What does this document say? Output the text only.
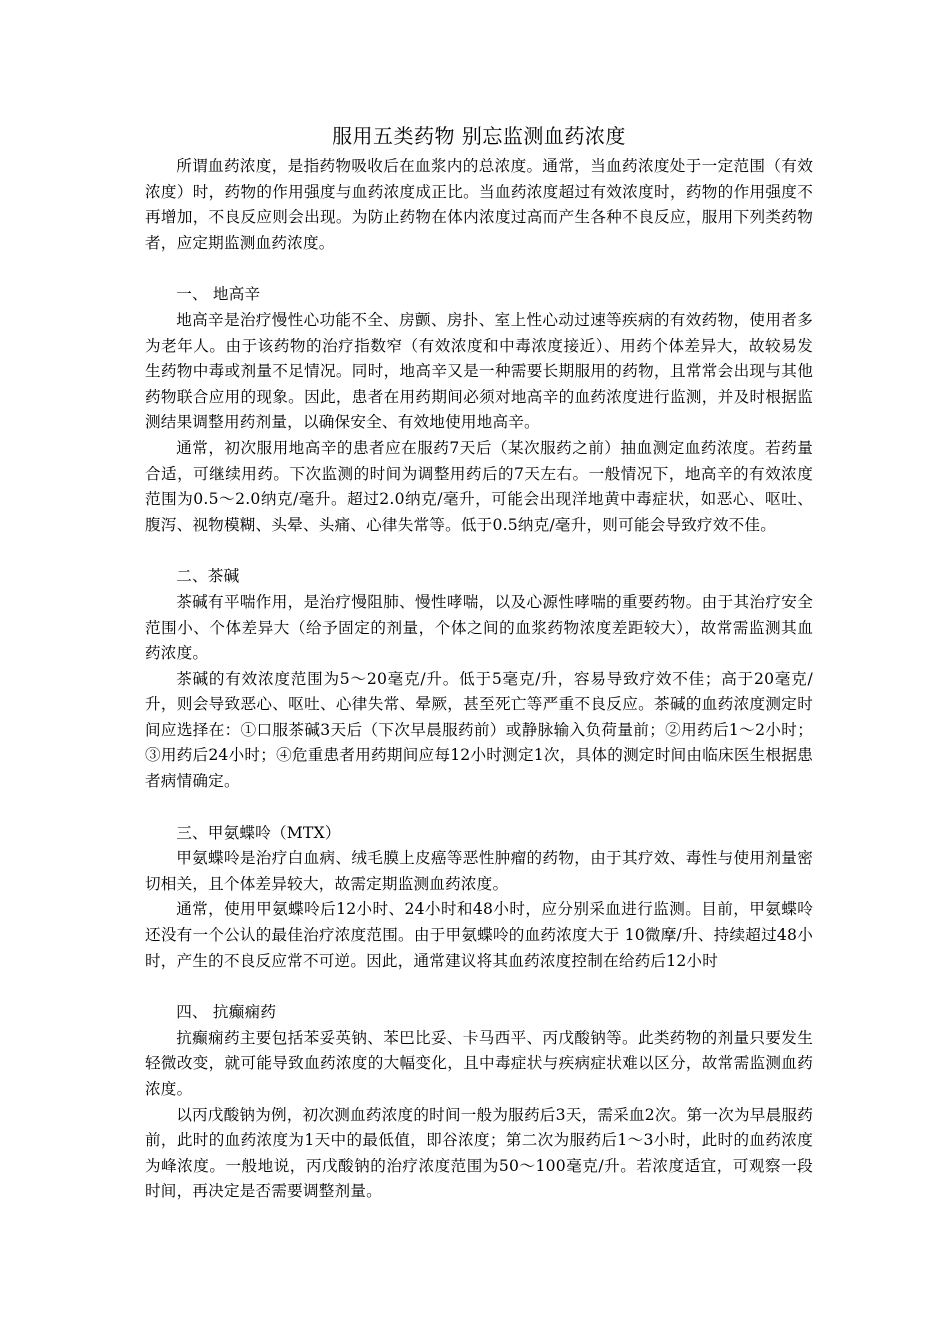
服用五类药物 别忘监测血药浓度

所谓血药浓度，是指药物吸收后在血浆内的总浓度。通常，当血药浓度处于一定范围（有效浓度）时，药物的作用强度与血药浓度成正比。当血药浓度超过有效浓度时，药物的作用强度不再增加，不良反应则会出现。为防止药物在体内浓度过高而产生各种不良反应，服用下列类药物者，应定期监测血药浓度。

一、 地高辛

地高辛是治疗慢性心功能不全、房颤、房扑、室上性心动过速等疾病的有效药物，使用者多为老年人。由于该药物的治疗指数窄（有效浓度和中毒浓度接近）、用药个体差异大，故较易发生药物中毒或剂量不足情况。同时，地高辛又是一种需要长期服用的药物，且常常会出现与其他药物联合应用的现象。因此，患者在用药期间必须对地高辛的血药浓度进行监测，并及时根据监测结果调整用药剂量，以确保安全、有效地使用地高辛。

通常，初次服用地高辛的患者应在服药7天后（某次服药之前）抽血测定血药浓度。若药量合适，可继续用药。下次监测的时间为调整用药后的7天左右。一般情况下，地高辛的有效浓度范围为0.5～2.0纳克/毫升。超过2.0纳克/毫升，可能会出现洋地黄中毒症状，如恶心、呕吐、腹泻、视物模糊、头晕、头痛、心律失常等。低于0.5纳克/毫升，则可能会导致疗效不佳。

二、茶碱

茶碱有平喘作用，是治疗慢阻肺、慢性哮喘，以及心源性哮喘的重要药物。由于其治疗安全范围小、个体差异大（给予固定的剂量，个体之间的血浆药物浓度差距较大），故常需监测其血药浓度。

茶碱的有效浓度范围为5～20毫克/升。低于5毫克/升，容易导致疗效不佳；高于20毫克/升，则会导致恶心、呕吐、心律失常、晕厥，甚至死亡等严重不良反应。茶碱的血药浓度测定时间应选择在：①口服茶碱3天后（下次早晨服药前）或静脉输入负荷量前；②用药后1～2小时；③用药后24小时；④危重患者用药期间应每12小时测定1次，具体的测定时间由临床医生根据患者病情确定。

三、甲氨蝶呤（MTX）

甲氨蝶呤是治疗白血病、绒毛膜上皮癌等恶性肿瘤的药物，由于其疗效、毒性与使用剂量密切相关，且个体差异较大，故需定期监测血药浓度。

通常，使用甲氨蝶呤后12小时、24小时和48小时，应分别采血进行监测。目前，甲氨蝶呤还没有一个公认的最佳治疗浓度范围。由于甲氨蝶呤的血药浓度大于 10微摩/升、持续超过48小时，产生的不良反应常不可逆。因此，通常建议将其血药浓度控制在给药后12小时

四、 抗癫痫药

抗癫痫药主要包括苯妥英钠、苯巴比妥、卡马西平、丙戊酸钠等。此类药物的剂量只要发生轻微改变，就可能导致血药浓度的大幅变化，且中毒症状与疾病症状难以区分，故常需监测血药浓度。

以丙戊酸钠为例，初次测血药浓度的时间一般为服药后3天，需采血2次。第一次为早晨服药前，此时的血药浓度为1天中的最低值，即谷浓度；第二次为服药后1～3小时，此时的血药浓度为峰浓度。一般地说，丙戊酸钠的治疗浓度范围为50～100毫克/升。若浓度适宜，可观察一段时间，再决定是否需要调整剂量。
